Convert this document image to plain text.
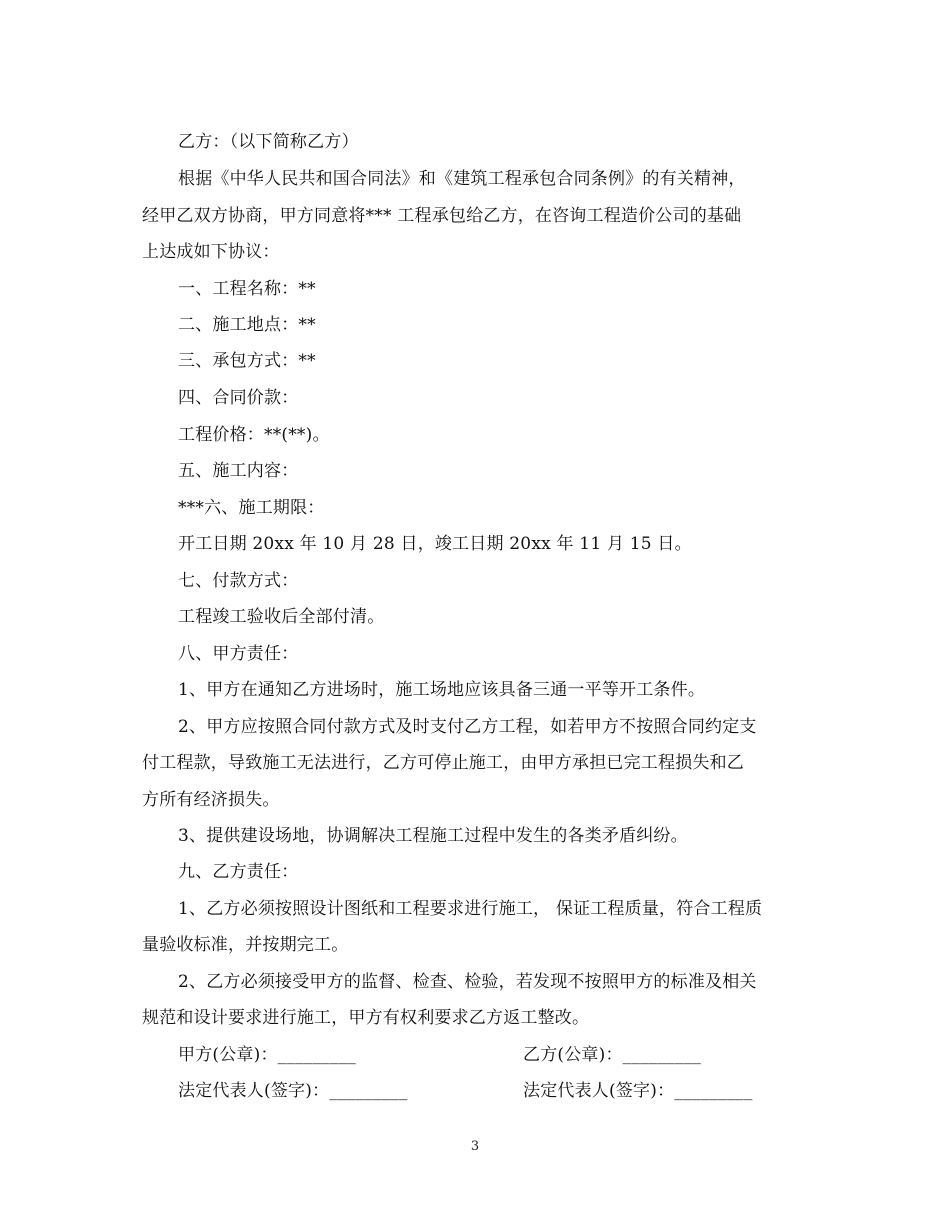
乙方：（以下简称乙方）
根据《中华人民共和国合同法》和《建筑工程承包合同条例》的有关精神，
经甲乙双方协商，甲方同意将*** 工程承包给乙方，在咨询工程造价公司的基础
上达成如下协议：
一、工程名称：**
二、施工地点：**
三、承包方式：**
四、合同价款：
工程价格：**(**)。
五、施工内容：
***六、施工期限：
开工日期 20xx 年 10 月 28 日，竣工日期 20xx 年 11 月 15 日。
七、付款方式：
工程竣工验收后全部付清。
八、甲方责任：
1、甲方在通知乙方进场时，施工场地应该具备三通一平等开工条件。
2、甲方应按照合同付款方式及时支付乙方工程，如若甲方不按照合同约定支
付工程款，导致施工无法进行，乙方可停止施工，由甲方承担已完工程损失和乙
方所有经济损失。
3、提供建设场地，协调解决工程施工过程中发生的各类矛盾纠纷。
九、乙方责任：
1、乙方必须按照设计图纸和工程要求进行施工， 保证工程质量，符合工程质
量验收标准，并按期完工。
2、乙方必须接受甲方的监督、检查、检验，若发现不按照甲方的标准及相关
规范和设计要求进行施工，甲方有权利要求乙方返工整改。
甲方(公章)：_________	乙方(公章)：_________
法定代表人(签字)：_________	法定代表人(签字)：_________
3
